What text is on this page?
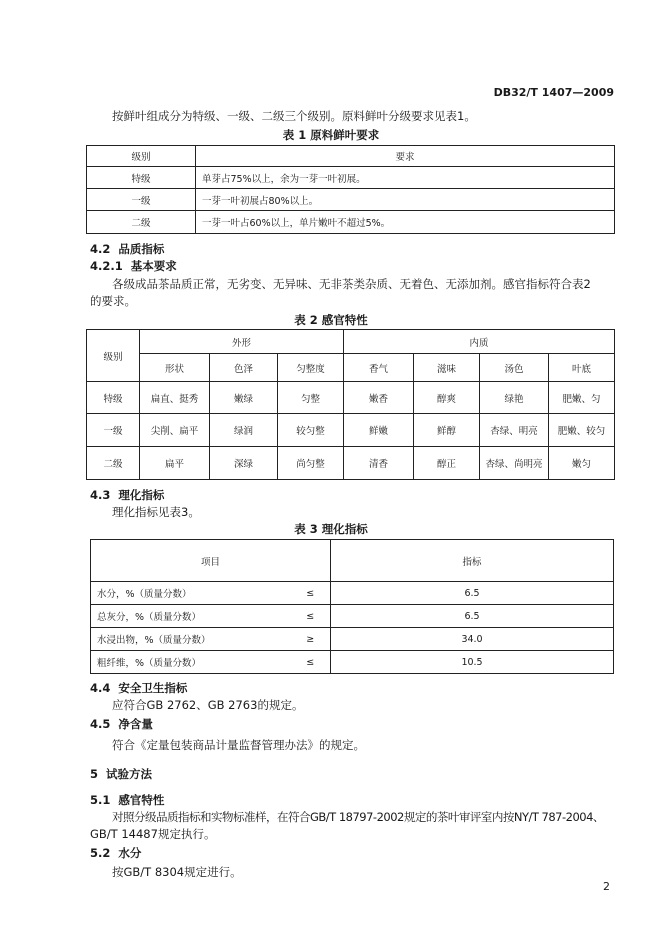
DB32/T 1407—2009
按鲜叶组成分为特级、一级、二级三个级别。原料鲜叶分级要求见表1。
表 1 原料鲜叶要求
级别	要求
特级	单芽占75%以上，余为一芽一叶初展。
一级	一芽一叶初展占80%以上。
二级	一芽一叶占60%以上，单片嫩叶不超过5%。
4.2 品质指标
4.2.1 基本要求
各级成品茶品质正常，无劣变、无异味、无非茶类杂质、无着色、无添加剂。感官指标符合表2
的要求。
表 2 感官特性
级别	外形			内质			
	形状	色泽	匀整度	香气	滋味	汤色	叶底
特级	扁直、挺秀	嫩绿	匀整	嫩香	醇爽	绿艳	肥嫩、匀
一级	尖削、扁平	绿润	较匀整	鲜嫩	鲜醇	杏绿、明亮	肥嫩、较匀
二级	扁平	深绿	尚匀整	清香	醇正	杏绿、尚明亮	嫩匀
4.3 理化指标
理化指标见表3。
表 3 理化指标
项目		指标
水分，%（质量分数）	≤	6.5
总灰分，%（质量分数）	≤	6.5
水浸出物，%（质量分数）	≥	34.0
粗纤维，%（质量分数）	≤	10.5
4.4 安全卫生指标
应符合GB 2762、GB 2763的规定。
4.5 净含量
符合《定量包装商品计量监督管理办法》的规定。
5 试验方法
5.1 感官特性
对照分级品质指标和实物标准样，在符合GB/T 18797-2002规定的茶叶审评室内按NY/T 787-2004、
GB/T 14487规定执行。
5.2 水分
按GB/T 8304规定进行。
2
